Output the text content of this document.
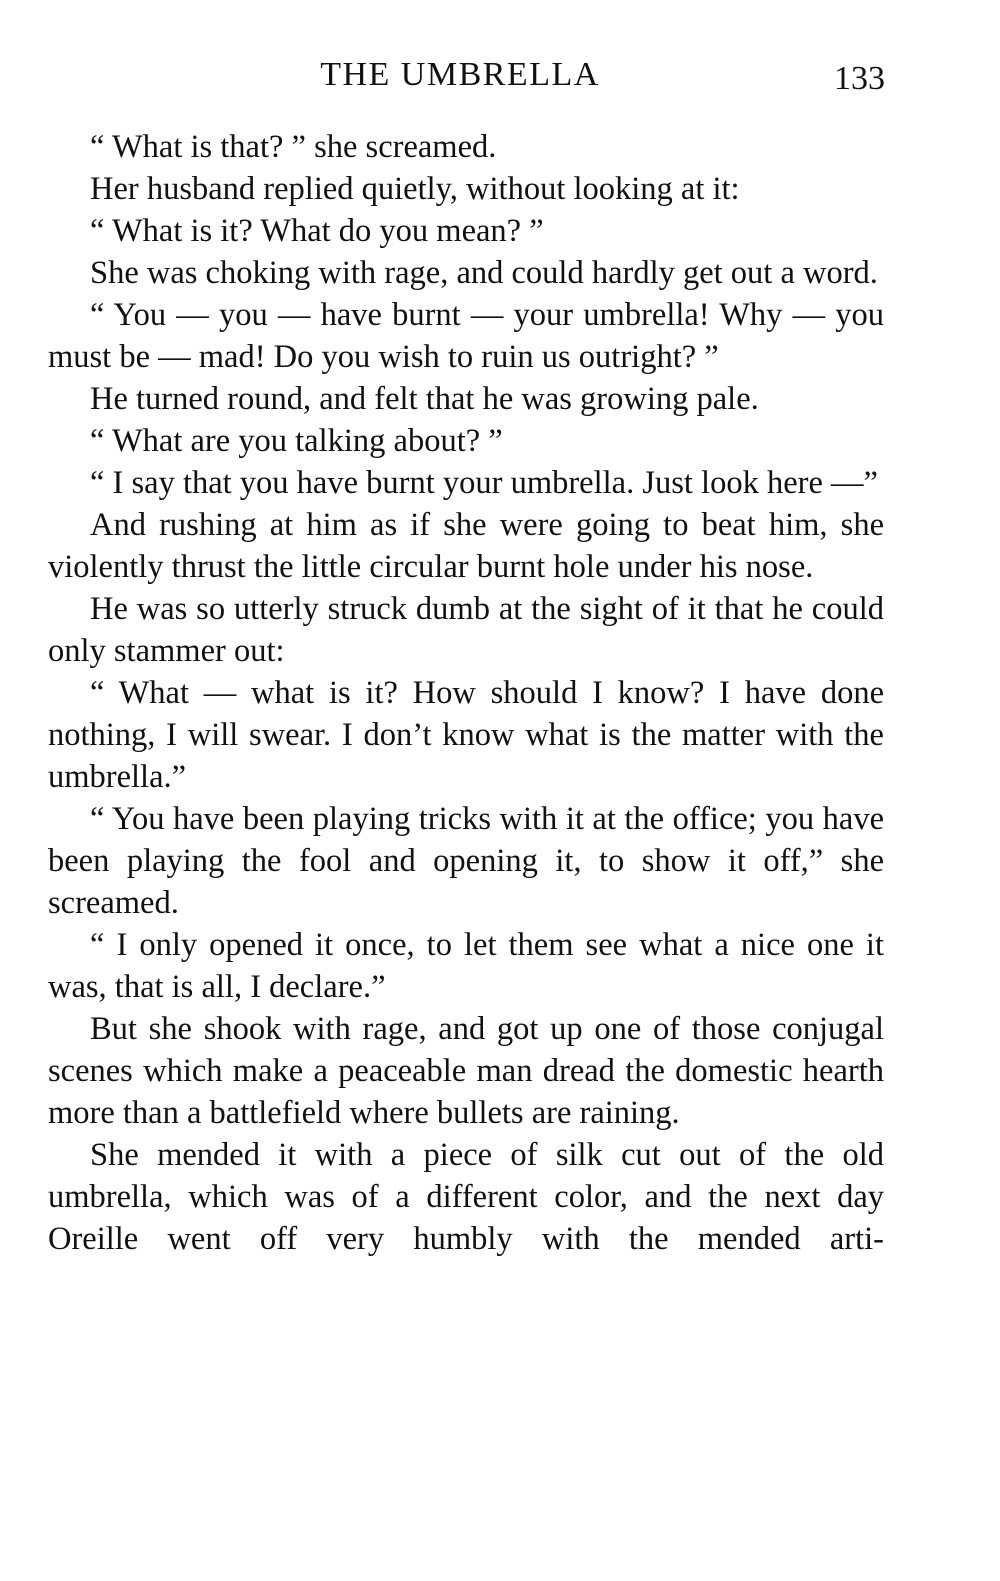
THE UMBRELLA	133

“ What is that? ” she screamed.

Her husband replied quietly, without looking at it:

“ What is it? What do you mean? ”

She was choking with rage, and could hardly get out a word.

“ You — you — have burnt — your umbrella! Why — you must be — mad! Do you wish to ruin us outright? ”

He turned round, and felt that he was growing pale.

“ What are you talking about? ”

“ I say that you have burnt your umbrella. Just look here —”

And rushing at him as if she were going to beat him, she violently thrust the little circular burnt hole under his nose.

He was so utterly struck dumb at the sight of it that he could only stammer out:

“ What — what is it? How should I know? I have done nothing, I will swear. I don’t know what is the matter with the umbrella.”

“ You have been playing tricks with it at the office; you have been playing the fool and opening it, to show it off,” she screamed.

“ I only opened it once, to let them see what a nice one it was, that is all, I declare.”

But she shook with rage, and got up one of those conjugal scenes which make a peaceable man dread the domestic hearth more than a battlefield where bullets are raining.

She mended it with a piece of silk cut out of the old umbrella, which was of a different color, and the next day Oreille went off very humbly with the mended arti-
